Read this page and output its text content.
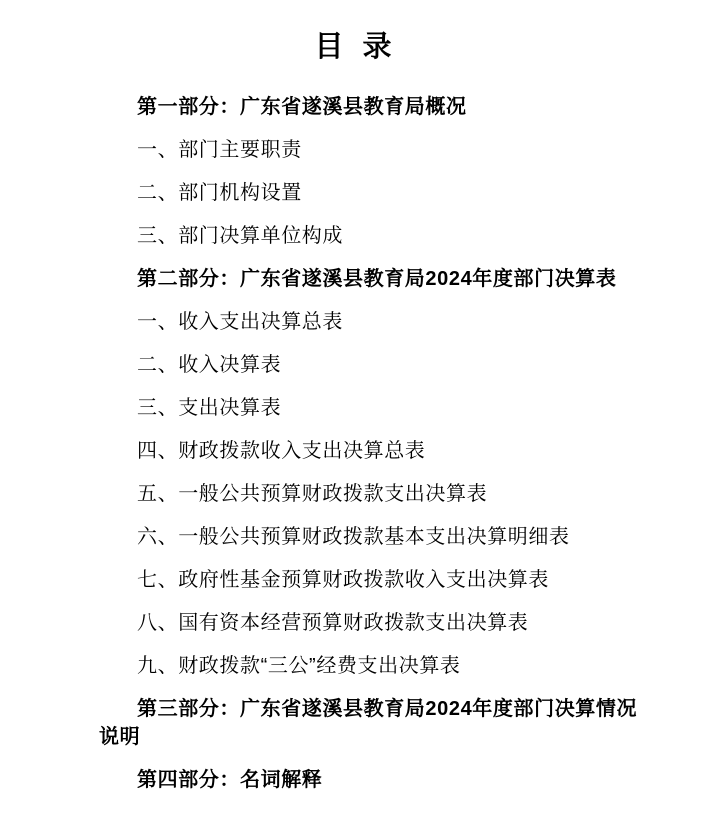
目 录

第一部分：广东省遂溪县教育局概况

一、部门主要职责

二、部门机构设置

三、部门决算单位构成

第二部分：广东省遂溪县教育局2024年度部门决算表

一、收入支出决算总表

二、收入决算表

三、支出决算表

四、财政拨款收入支出决算总表

五、一般公共预算财政拨款支出决算表

六、一般公共预算财政拨款基本支出决算明细表

七、政府性基金预算财政拨款收入支出决算表

八、国有资本经营预算财政拨款支出决算表

九、财政拨款“三公”经费支出决算表

第三部分：广东省遂溪县教育局2024年度部门决算情况
说明

第四部分：名词解释
